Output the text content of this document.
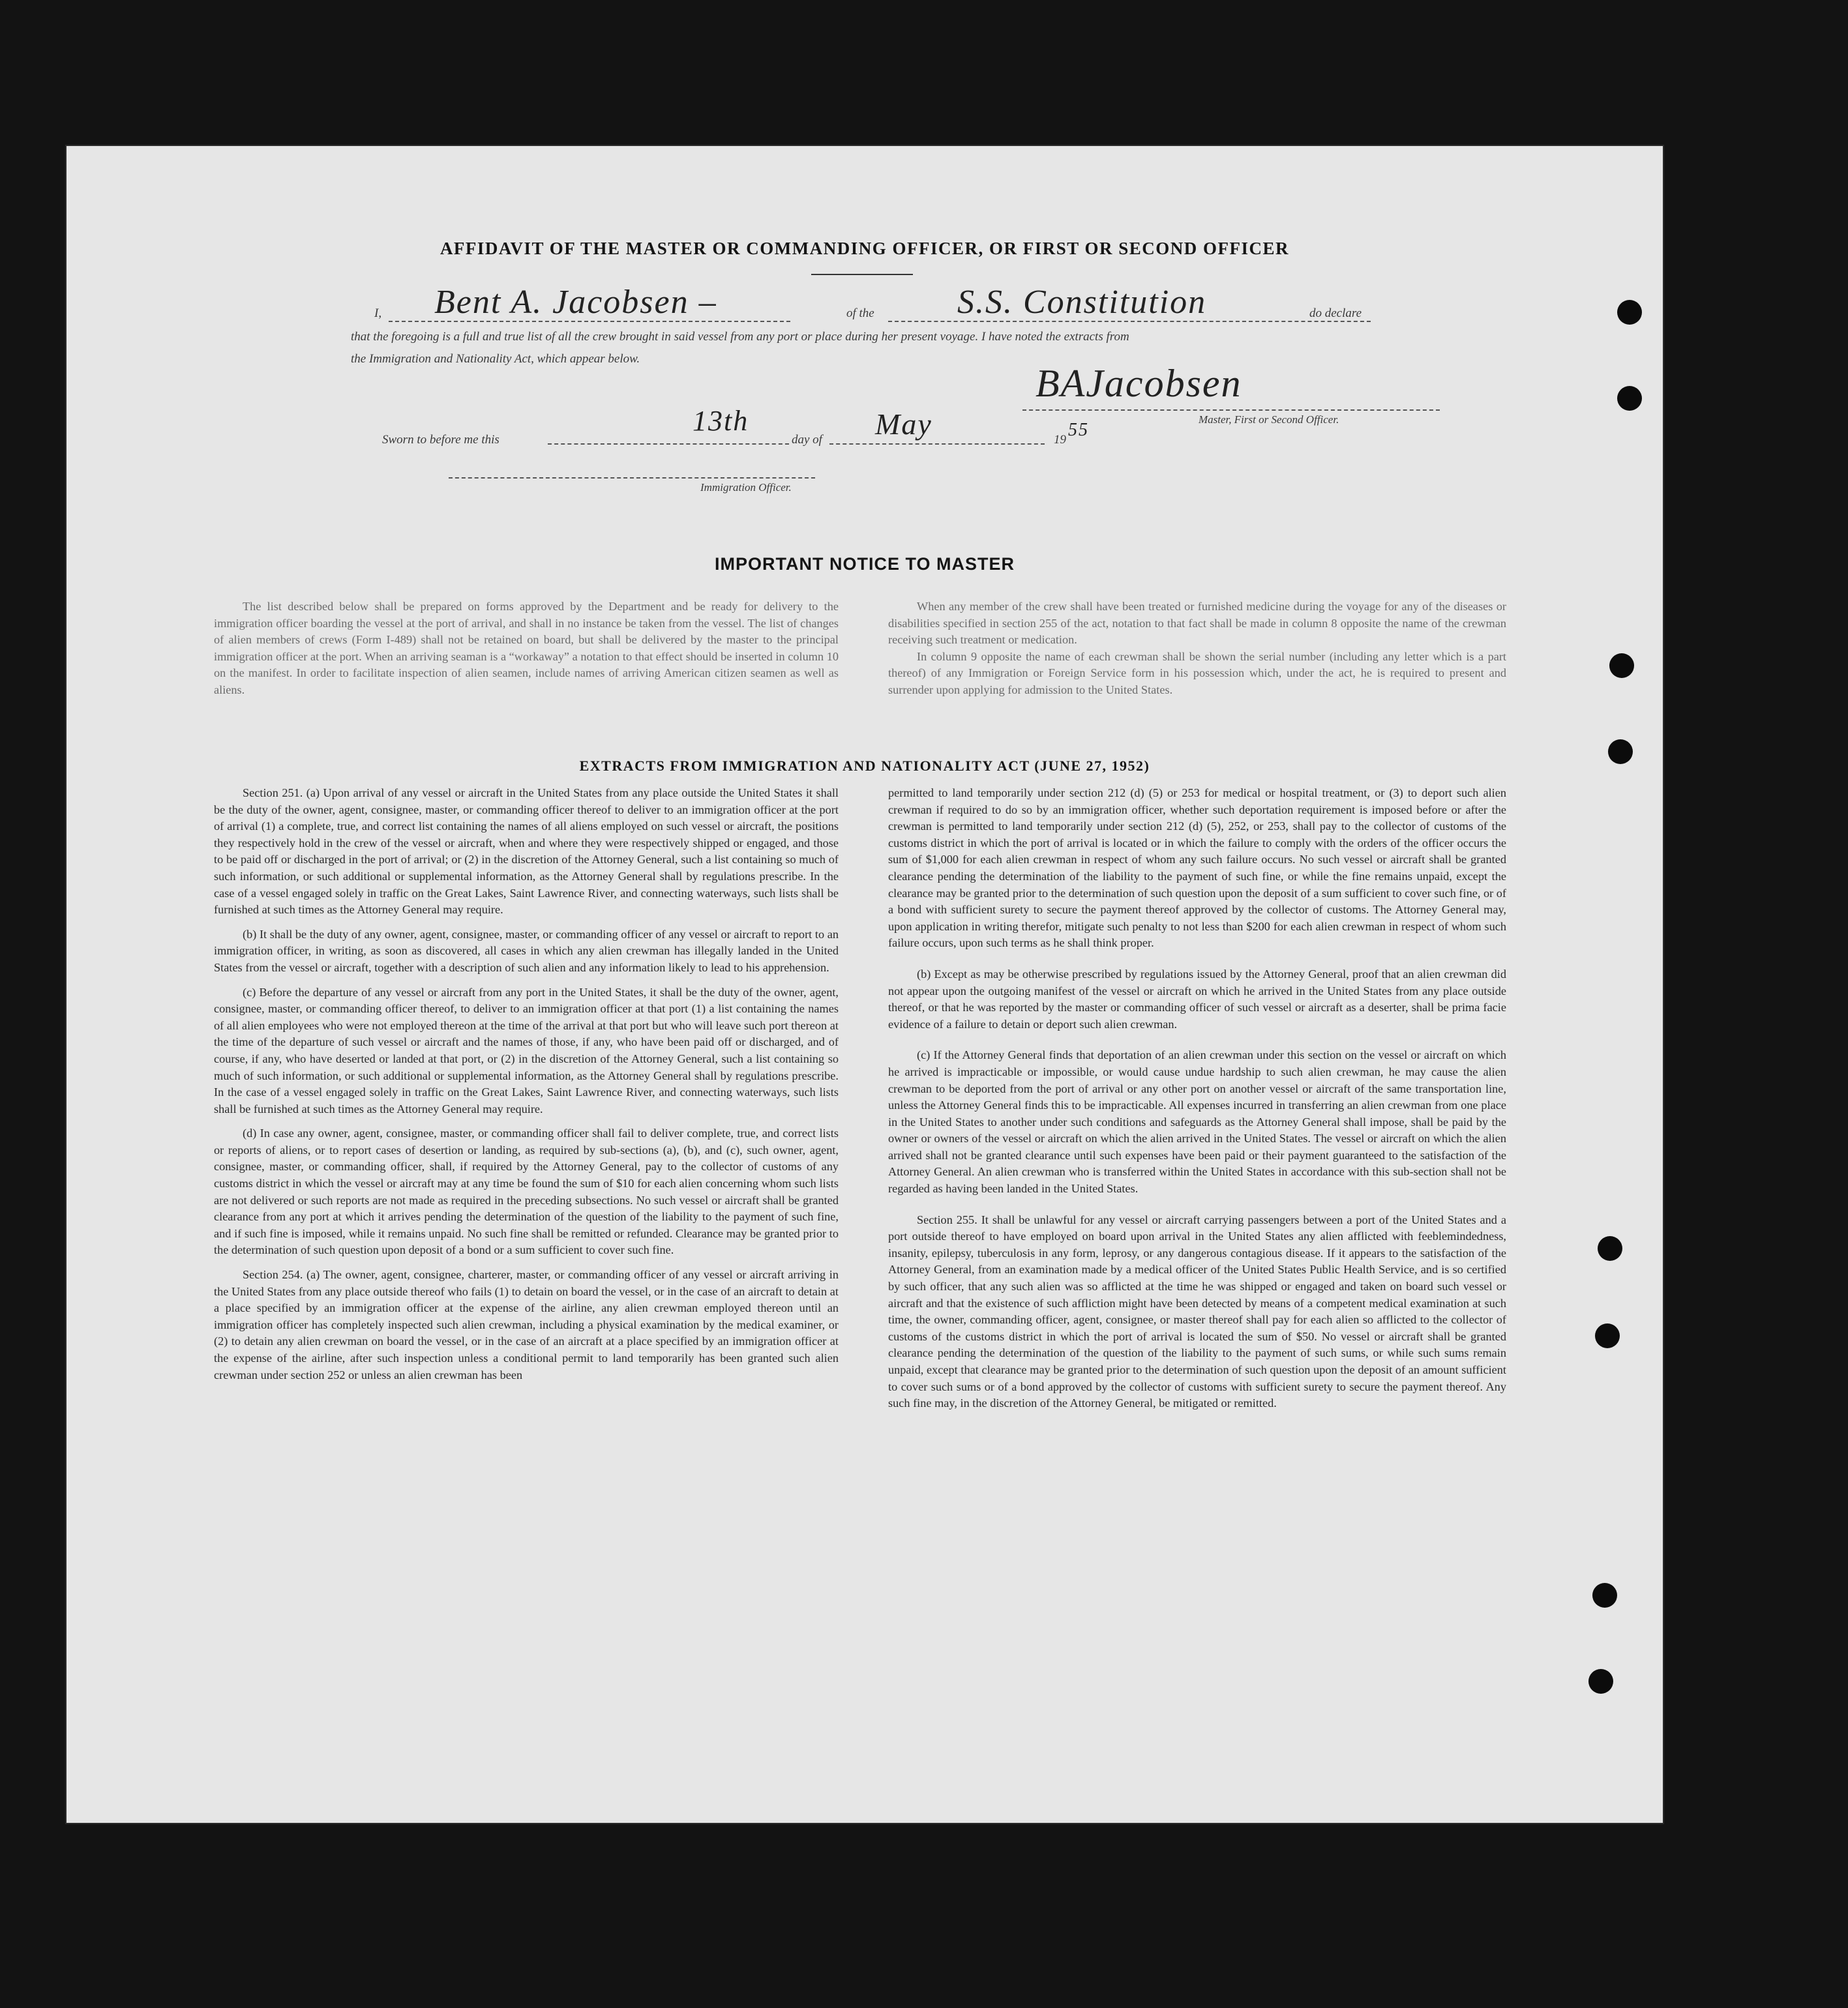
AFFIDAVIT OF THE MASTER OR COMMANDING OFFICER, OR FIRST OR SECOND OFFICER
I, Bent A. Jacobsen –	of the S.S. Constitution	do declare
that the foregoing is a full and true list of all the crew brought in said vessel from any port or place during her present voyage. I have noted the extracts from
the Immigration and Nationality Act, which appear below.
BAJacobsen
Master, First or Second Officer.
Sworn to before me this
13th
day of May	19 55
Immigration Officer.
IMPORTANT NOTICE TO MASTER

The list described below shall be prepared on forms approved by the Department and be ready for delivery to the immigration officer boarding the vessel at the port of arrival, and shall in no instance be taken from the vessel. The list of changes of alien members of crews (Form I-489) shall not be retained on board, but shall be delivered by the master to the principal immigration officer at the port. When an arriving seaman is a “workaway” a notation to that effect should be inserted in column 10 on the manifest. In order to facilitate inspection of alien seamen, include names of arriving American citizen seamen as well as aliens.

When any member of the crew shall have been treated or furnished medicine during the voyage for any of the diseases or disabilities specified in section 255 of the act, notation to that fact shall be made in column 8 opposite the name of the crewman receiving such treatment or medication.

In column 9 opposite the name of each crewman shall be shown the serial number (including any letter which is a part thereof) of any Immigration or Foreign Service form in his possession which, under the act, he is required to present and surrender upon applying for admission to the United States.

EXTRACTS FROM IMMIGRATION AND NATIONALITY ACT (JUNE 27, 1952)

Section 251. (a) Upon arrival of any vessel or aircraft in the United States from any place outside the United States it shall be the duty of the owner, agent, consignee, master, or commanding officer thereof to deliver to an immigration officer at the port of arrival (1) a complete, true, and correct list containing the names of all aliens employed on such vessel or aircraft, the positions they respectively hold in the crew of the vessel or aircraft, when and where they were respectively shipped or engaged, and those to be paid off or discharged in the port of arrival; or (2) in the discretion of the Attorney General, such a list containing so much of such information, or such additional or supplemental information, as the Attorney General shall by regulations prescribe. In the case of a vessel engaged solely in traffic on the Great Lakes, Saint Lawrence River, and connecting waterways, such lists shall be furnished at such times as the Attorney General may require.

(b) It shall be the duty of any owner, agent, consignee, master, or commanding officer of any vessel or aircraft to report to an immigration officer, in writing, as soon as discovered, all cases in which any alien crewman has illegally landed in the United States from the vessel or aircraft, together with a description of such alien and any information likely to lead to his apprehension.

(c) Before the departure of any vessel or aircraft from any port in the United States, it shall be the duty of the owner, agent, consignee, master, or commanding officer thereof, to deliver to an immigration officer at that port (1) a list containing the names of all alien employees who were not employed thereon at the time of the arrival at that port but who will leave such port thereon at the time of the departure of such vessel or aircraft and the names of those, if any, who have been paid off or discharged, and of course, if any, who have deserted or landed at that port, or (2) in the discretion of the Attorney General, such a list containing so much of such information, or such additional or supplemental information, as the Attorney General shall by regulations prescribe. In the case of a vessel engaged solely in traffic on the Great Lakes, Saint Lawrence River, and connecting waterways, such lists shall be furnished at such times as the Attorney General may require.

(d) In case any owner, agent, consignee, master, or commanding officer shall fail to deliver complete, true, and correct lists or reports of aliens, or to report cases of desertion or landing, as required by sub-sections (a), (b), and (c), such owner, agent, consignee, master, or commanding officer, shall, if required by the Attorney General, pay to the collector of customs of any customs district in which the vessel or aircraft may at any time be found the sum of $10 for each alien concerning whom such lists are not delivered or such reports are not made as required in the preceding subsections. No such vessel or aircraft shall be granted clearance from any port at which it arrives pending the determination of the question of the liability to the payment of such fine, and if such fine is imposed, while it remains unpaid. No such fine shall be remitted or refunded. Clearance may be granted prior to the determination of such question upon deposit of a bond or a sum sufficient to cover such fine.

Section 254. (a) The owner, agent, consignee, charterer, master, or commanding officer of any vessel or aircraft arriving in the United States from any place outside thereof who fails (1) to detain on board the vessel, or in the case of an aircraft to detain at a place specified by an immigration officer at the expense of the airline, any alien crewman employed thereon until an immigration officer has completely inspected such alien crewman, including a physical examination by the medical examiner, or (2) to detain any alien crewman on board the vessel, or in the case of an aircraft at a place specified by an immigration officer at the expense of the airline, after such inspection unless a conditional permit to land temporarily has been granted such alien crewman under section 252 or unless an alien crewman has been

permitted to land temporarily under section 212 (d) (5) or 253 for medical or hospital treatment, or (3) to deport such alien crewman if required to do so by an immigration officer, whether such deportation requirement is imposed before or after the crewman is permitted to land temporarily under section 212 (d) (5), 252, or 253, shall pay to the collector of customs of the customs district in which the port of arrival is located or in which the failure to comply with the orders of the officer occurs the sum of $1,000 for each alien crewman in respect of whom any such failure occurs. No such vessel or aircraft shall be granted clearance pending the determination of the liability to the payment of such fine, or while the fine remains unpaid, except the clearance may be granted prior to the determination of such question upon the deposit of a sum sufficient to cover such fine, or of a bond with sufficient surety to secure the payment thereof approved by the collector of customs. The Attorney General may, upon application in writing therefor, mitigate such penalty to not less than $200 for each alien crewman in respect of whom such failure occurs, upon such terms as he shall think proper.

(b) Except as may be otherwise prescribed by regulations issued by the Attorney General, proof that an alien crewman did not appear upon the outgoing manifest of the vessel or aircraft on which he arrived in the United States from any place outside thereof, or that he was reported by the master or commanding officer of such vessel or aircraft as a deserter, shall be prima facie evidence of a failure to detain or deport such alien crewman.

(c) If the Attorney General finds that deportation of an alien crewman under this section on the vessel or aircraft on which he arrived is impracticable or impossible, or would cause undue hardship to such alien crewman, he may cause the alien crewman to be deported from the port of arrival or any other port on another vessel or aircraft of the same transportation line, unless the Attorney General finds this to be impracticable. All expenses incurred in transferring an alien crewman from one place in the United States to another under such conditions and safeguards as the Attorney General shall impose, shall be paid by the owner or owners of the vessel or aircraft on which the alien arrived in the United States. The vessel or aircraft on which the alien arrived shall not be granted clearance until such expenses have been paid or their payment guaranteed to the satisfaction of the Attorney General. An alien crewman who is transferred within the United States in accordance with this sub-section shall not be regarded as having been landed in the United States.

Section 255. It shall be unlawful for any vessel or aircraft carrying passengers between a port of the United States and a port outside thereof to have employed on board upon arrival in the United States any alien afflicted with feeblemindedness, insanity, epilepsy, tuberculosis in any form, leprosy, or any dangerous contagious disease. If it appears to the satisfaction of the Attorney General, from an examination made by a medical officer of the United States Public Health Service, and is so certified by such officer, that any such alien was so afflicted at the time he was shipped or engaged and taken on board such vessel or aircraft and that the existence of such affliction might have been detected by means of a competent medical examination at such time, the owner, commanding officer, agent, consignee, or master thereof shall pay for each alien so afflicted to the collector of customs of the customs district in which the port of arrival is located the sum of $50. No vessel or aircraft shall be granted clearance pending the determination of the question of the liability to the payment of such sums, or while such sums remain unpaid, except that clearance may be granted prior to the determination of such question upon the deposit of an amount sufficient to cover such sums or of a bond approved by the collector of customs with sufficient surety to secure the payment thereof. Any such fine may, in the discretion of the Attorney General, be mitigated or remitted.
